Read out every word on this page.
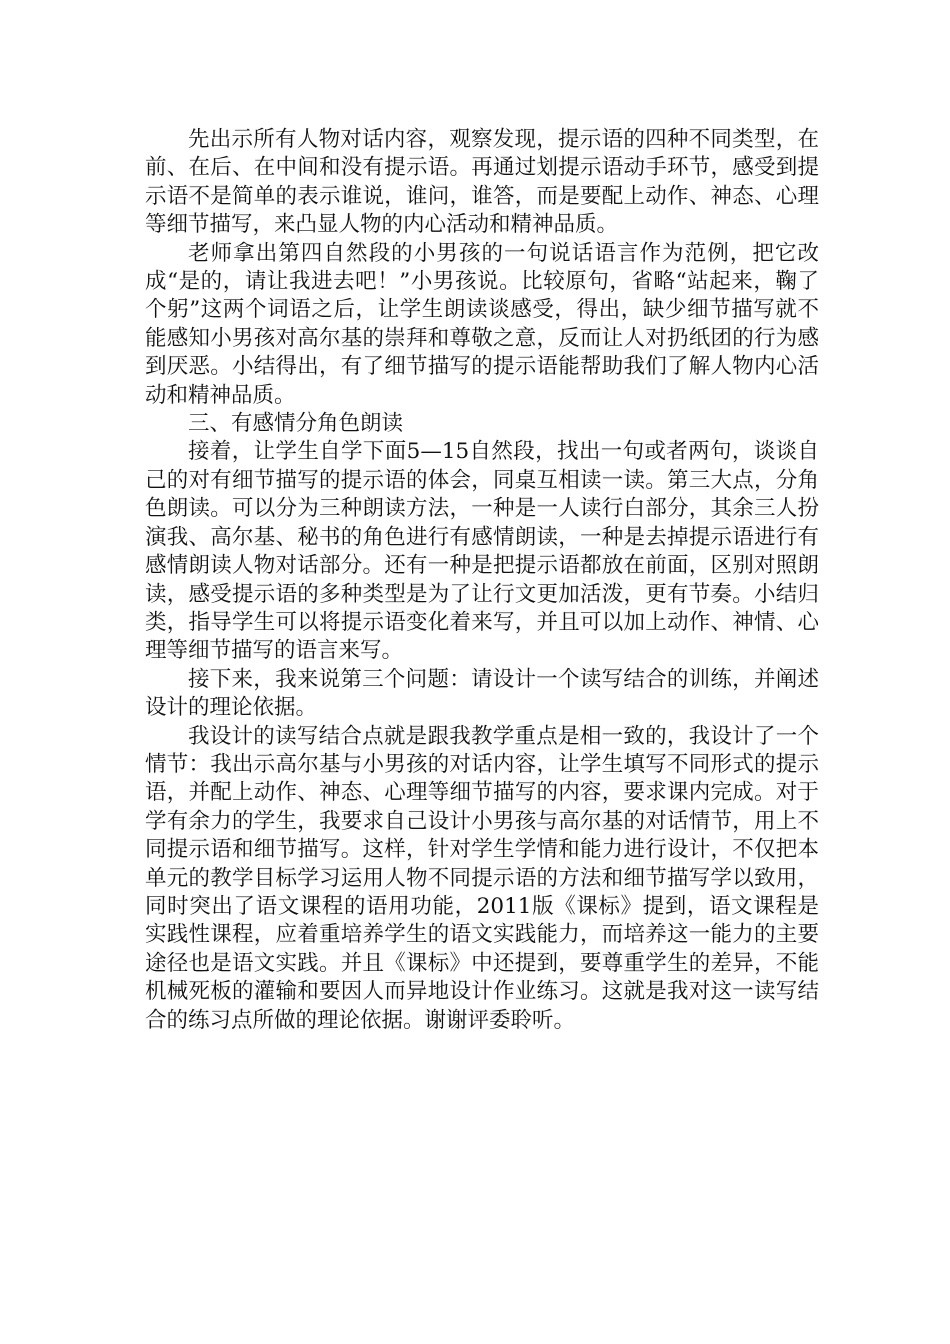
先出示所有人物对话内容，观察发现，提示语的四种不同类型，在前、在后、在中间和没有提示语。再通过划提示语动手环节，感受到提示语不是简单的表示谁说，谁问，谁答，而是要配上动作、神态、心理等细节描写，来凸显人物的内心活动和精神品质。

老师拿出第四自然段的小男孩的一句说话语言作为范例，把它改成“是的，请让我进去吧！”小男孩说。比较原句，省略“站起来，鞠了个躬”这两个词语之后，让学生朗读谈感受，得出，缺少细节描写就不能感知小男孩对高尔基的崇拜和尊敬之意，反而让人对扔纸团的行为感到厌恶。小结得出，有了细节描写的提示语能帮助我们了解人物内心活动和精神品质。

三、有感情分角色朗读

接着，让学生自学下面5—15自然段，找出一句或者两句，谈谈自己的对有细节描写的提示语的体会，同桌互相读一读。第三大点，分角色朗读。可以分为三种朗读方法，一种是一人读行白部分，其余三人扮演我、高尔基、秘书的角色进行有感情朗读，一种是去掉提示语进行有感情朗读人物对话部分。还有一种是把提示语都放在前面，区别对照朗读，感受提示语的多种类型是为了让行文更加活泼，更有节奏。小结归类，指导学生可以将提示语变化着来写，并且可以加上动作、神情、心理等细节描写的语言来写。

接下来，我来说第三个问题：请设计一个读写结合的训练，并阐述设计的理论依据。

我设计的读写结合点就是跟我教学重点是相一致的，我设计了一个情节：我出示高尔基与小男孩的对话内容，让学生填写不同形式的提示语，并配上动作、神态、心理等细节描写的内容，要求课内完成。对于学有余力的学生，我要求自己设计小男孩与高尔基的对话情节，用上不同提示语和细节描写。这样，针对学生学情和能力进行设计，不仅把本单元的教学目标学习运用人物不同提示语的方法和细节描写学以致用，同时突出了语文课程的语用功能，2011版《课标》提到，语文课程是实践性课程，应着重培养学生的语文实践能力，而培养这一能力的主要途径也是语文实践。并且《课标》中还提到，要尊重学生的差异，不能机械死板的灌输和要因人而异地设计作业练习。这就是我对这一读写结合的练习点所做的理论依据。谢谢评委聆听。
